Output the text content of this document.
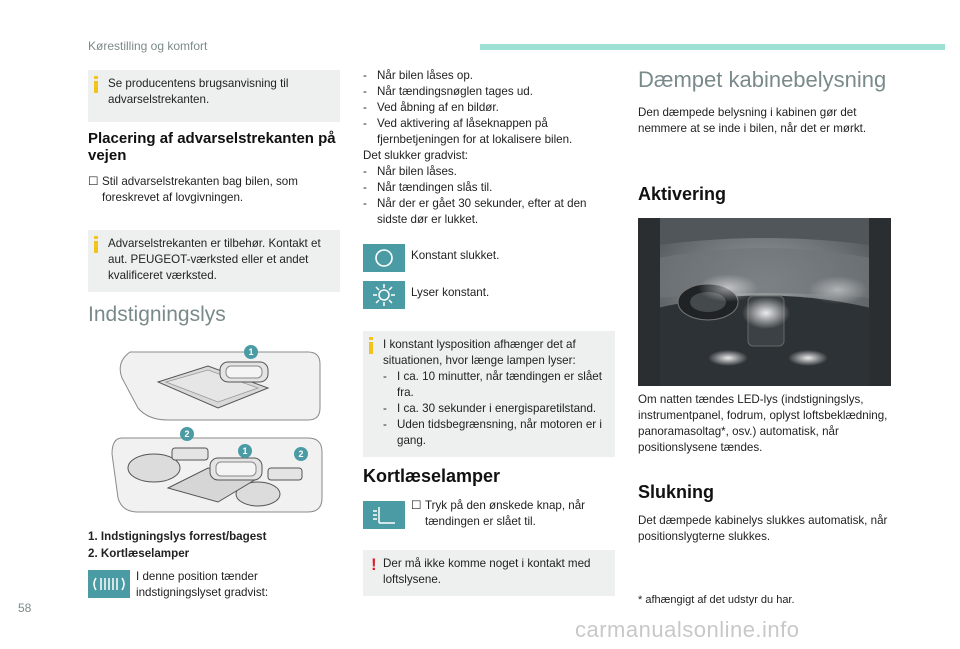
Kørestilling og komfort
Se producentens brugsanvisning til advarselstrekanten.
Placering af advarselstrekanten på vejen
☐ Stil advarselstrekanten bag bilen, som foreskrevet af lovgivningen.
Advarselstrekanten er tilbehør. Kontakt et aut. PEUGEOT-værksted eller et andet kvalificeret værksted.
Indstigningslys
1
2
1	2
1. Indstigningslys forrest/bagest
2. Kortlæselamper
I denne position tænder indstigningslyset gradvist:
- Når bilen låses op.
- Når tændingsnøglen tages ud.
- Ved åbning af en bildør.
- Ved aktivering af låseknappen på fjernbetjeningen for at lokalisere bilen.
Det slukker gradvist:
- Når bilen låses.
- Når tændingen slås til.
- Når der er gået 30 sekunder, efter at den sidste dør er lukket.
Konstant slukket.
Lyser konstant.
I konstant lysposition afhænger det af situationen, hvor længe lampen lyser:
- I ca. 10 minutter, når tændingen er slået fra.
- I ca. 30 sekunder i energisparetilstand.
- Uden tidsbegrænsning, når motoren er i gang.
Kortlæselamper
☐ Tryk på den ønskede knap, når tændingen er slået til.
! Der må ikke komme noget i kontakt med loftslysene.
Dæmpet kabinebelysning
Den dæmpede belysning i kabinen gør det nemmere at se inde i bilen, når det er mørkt.
Aktivering
Om natten tændes LED-lys (indstigningslys, instrumentpanel, fodrum, oplyst loftsbeklædning, panoramasoltag*, osv.) automatisk, når positionslysene tændes.
Slukning
Det dæmpede kabinelys slukkes automatisk, når positionslygterne slukkes.
* afhængigt af det udstyr du har.
58
carmanualsonline.info
